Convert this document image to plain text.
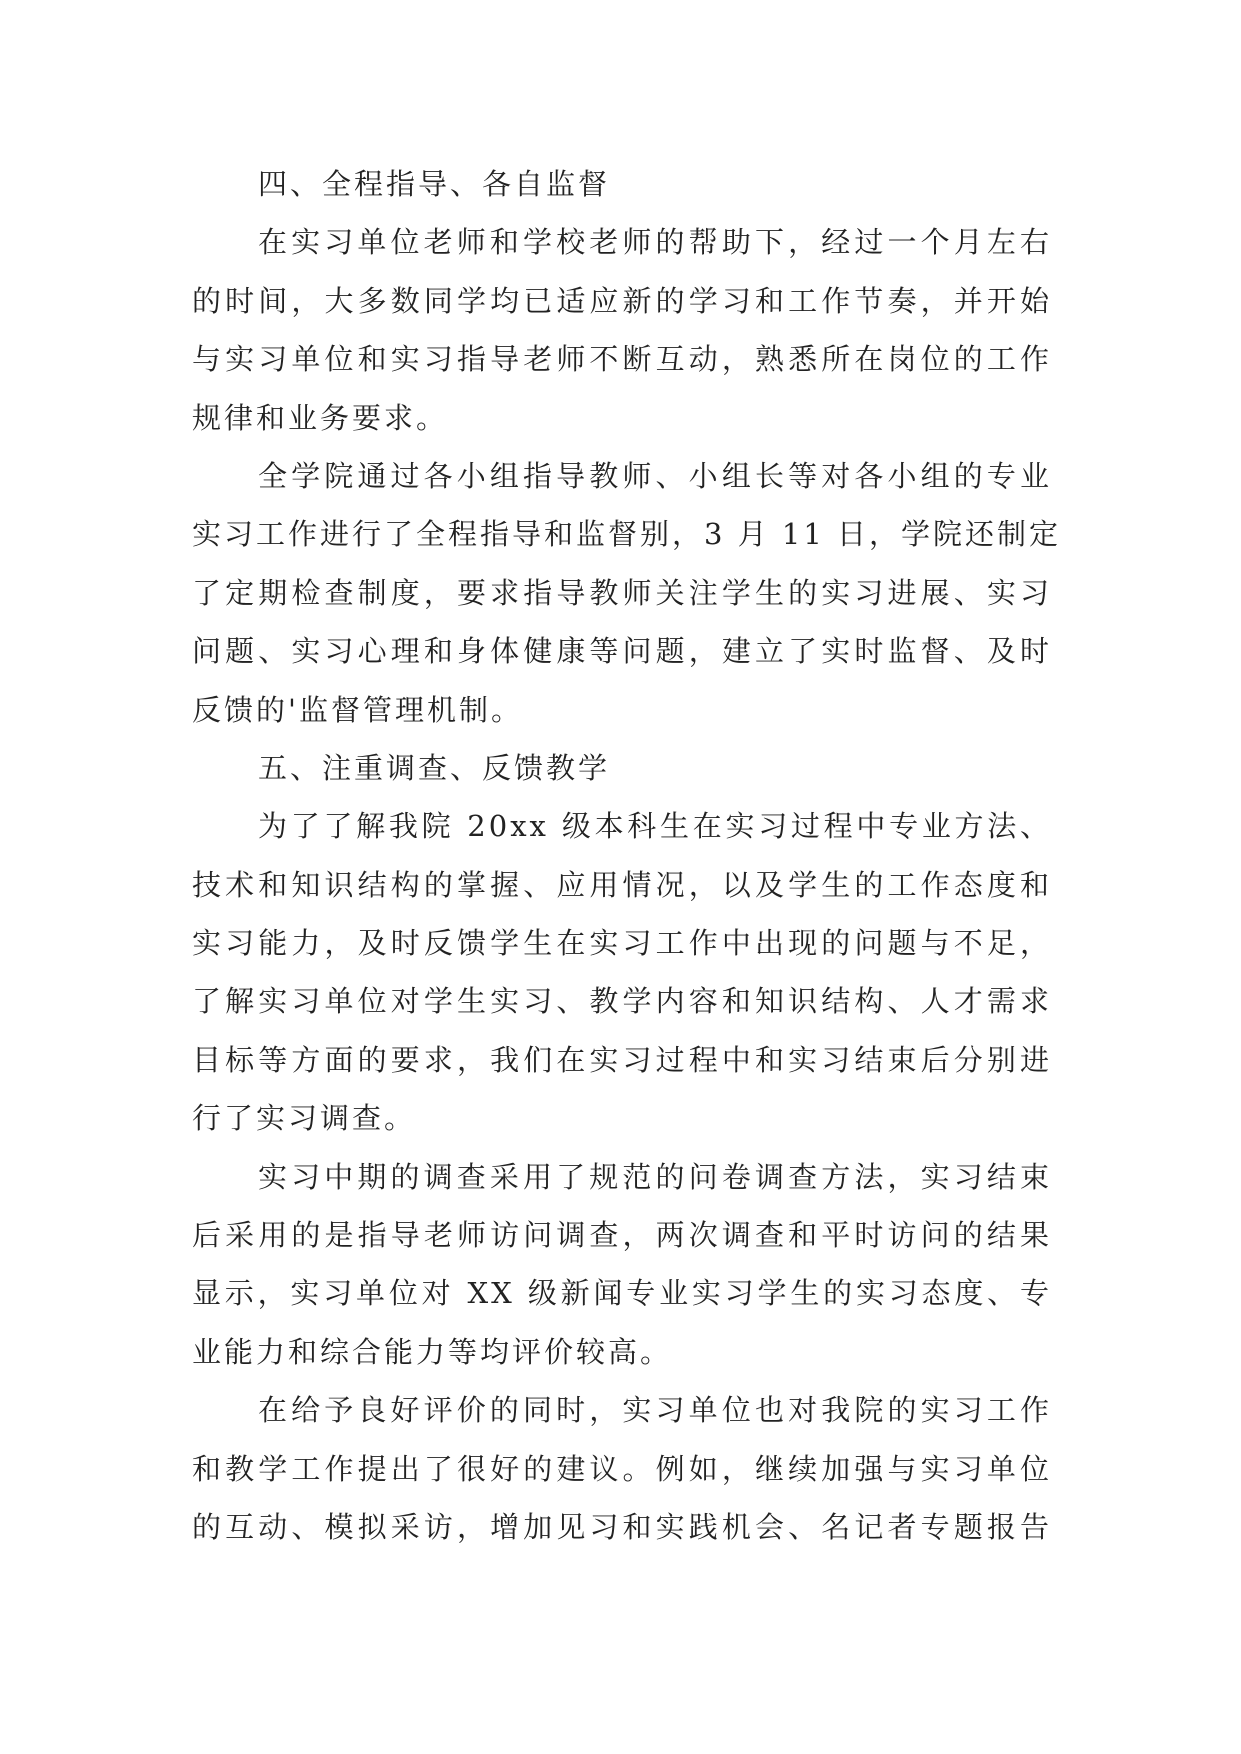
四、全程指导、各自监督
在实习单位老师和学校老师的帮助下，经过一个月左右
的时间，大多数同学均已适应新的学习和工作节奏，并开始
与实习单位和实习指导老师不断互动，熟悉所在岗位的工作
规律和业务要求。
全学院通过各小组指导教师、小组长等对各小组的专业
实习工作进行了全程指导和监督别，3 月 11 日，学院还制定
了定期检查制度，要求指导教师关注学生的实习进展、实习
问题、实习心理和身体健康等问题，建立了实时监督、及时
反馈的'监督管理机制。
五、注重调查、反馈教学
为了了解我院 20xx 级本科生在实习过程中专业方法、
技术和知识结构的掌握、应用情况，以及学生的工作态度和
实习能力，及时反馈学生在实习工作中出现的问题与不足，
了解实习单位对学生实习、教学内容和知识结构、人才需求
目标等方面的要求，我们在实习过程中和实习结束后分别进
行了实习调查。
实习中期的调查采用了规范的问卷调查方法，实习结束
后采用的是指导老师访问调查，两次调查和平时访问的结果
显示，实习单位对 XX 级新闻专业实习学生的实习态度、专
业能力和综合能力等均评价较高。
在给予良好评价的同时，实习单位也对我院的实习工作
和教学工作提出了很好的建议。例如，继续加强与实习单位
的互动、模拟采访，增加见习和实践机会、名记者专题报告
